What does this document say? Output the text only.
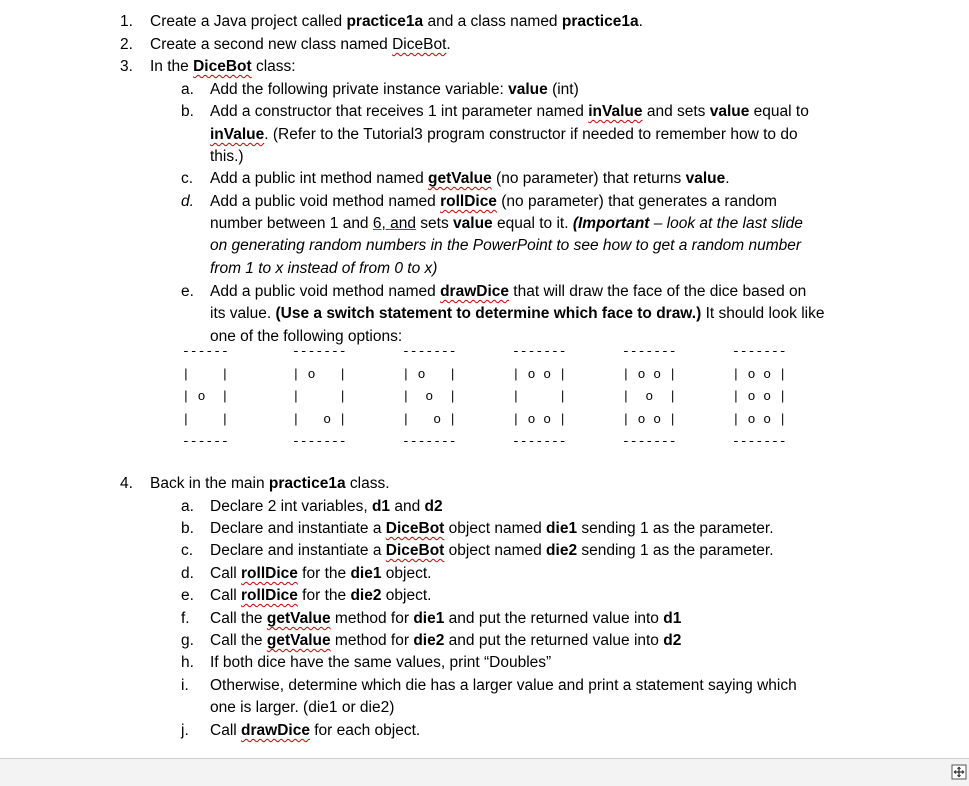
1. Create a Java project called practice1a and a class named practice1a.
2. Create a second new class named DiceBot.
3. In the DiceBot class:
a. Add the following private instance variable: value (int)
b. Add a constructor that receives 1 int parameter named inValue and sets value equal to
inValue. (Refer to the Tutorial3 program constructor if needed to remember how to do
this.)
c. Add a public int method named getValue (no parameter) that returns value.
d. Add a public void method named rollDice (no parameter) that generates a random
number between 1 and 6, and sets value equal to it. (Important – look at the last slide
on generating random numbers in the PowerPoint to see how to get a random number
from 1 to x instead of from 0 to x)
e. Add a public void method named drawDice that will draw the face of the dice based on
its value. (Use a switch statement to determine which face to draw.) It should look like
one of the following options:
------
|    |
| o  |
|    |
------
-------
| o   |
|     |
|   o |
-------
-------
| o   |
|  o  |
|   o |
-------
-------
| o o |
|     |
| o o |
-------
-------
| o o |
|  o  |
| o o |
-------
-------
| o o |
| o o |
| o o |
-------
4. Back in the main practice1a class.
a. Declare 2 int variables, d1 and d2
b. Declare and instantiate a DiceBot object named die1 sending 1 as the parameter.
c. Declare and instantiate a DiceBot object named die2 sending 1 as the parameter.
d. Call rollDice for the die1 object.
e. Call rollDice for the die2 object.
f. Call the getValue method for die1 and put the returned value into d1
g. Call the getValue method for die2 and put the returned value into d2
h. If both dice have the same values, print “Doubles”
i. Otherwise, determine which die has a larger value and print a statement saying which
one is larger. (die1 or die2)
j. Call drawDice for each object.
